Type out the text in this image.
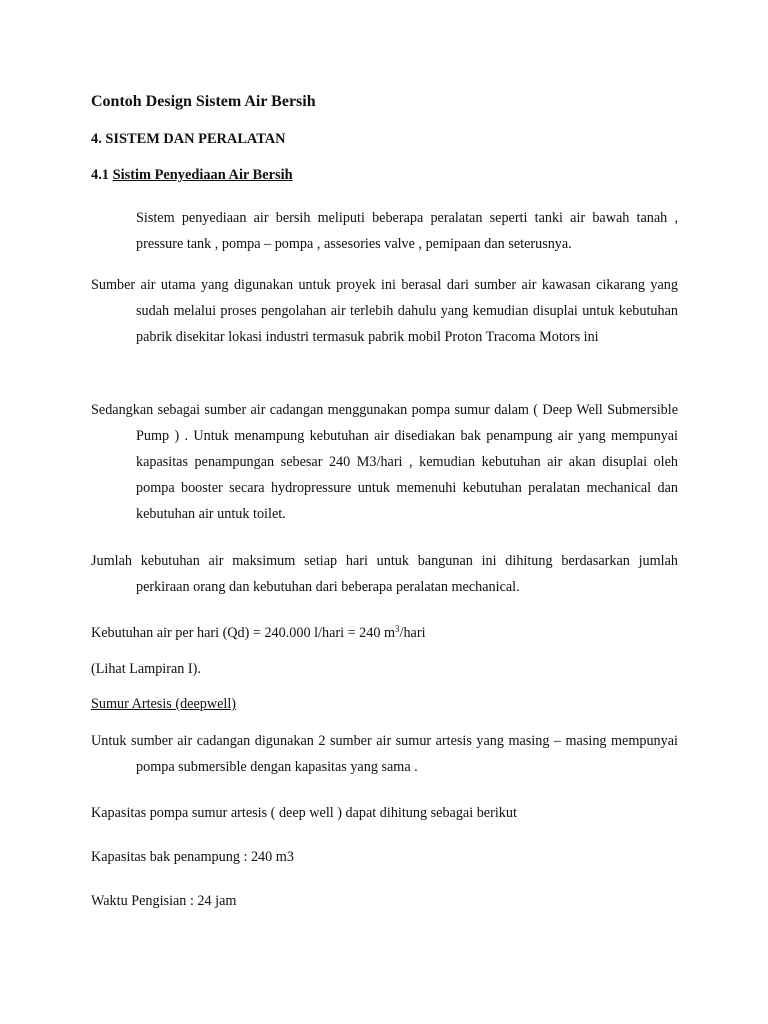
Contoh Design Sistem Air Bersih
4. SISTEM DAN PERALATAN
4.1 Sistim Penyediaan Air Bersih
Sistem penyediaan air bersih meliputi beberapa peralatan seperti tanki air bawah tanah , pressure tank , pompa – pompa , assesories valve , pemipaan dan seterusnya.
Sumber air utama yang digunakan untuk proyek ini berasal dari sumber air kawasan cikarang yang sudah melalui proses pengolahan air terlebih dahulu yang kemudian disuplai untuk kebutuhan pabrik disekitar lokasi industri termasuk pabrik mobil Proton Tracoma Motors ini
Sedangkan sebagai sumber air cadangan menggunakan pompa sumur dalam ( Deep Well Submersible Pump ) . Untuk menampung kebutuhan air disediakan bak penampung air yang mempunyai kapasitas penampungan sebesar 240 M3/hari , kemudian kebutuhan air akan disuplai oleh pompa booster secara hydropressure untuk memenuhi kebutuhan peralatan mechanical dan kebutuhan air untuk toilet.
Jumlah kebutuhan air maksimum setiap hari untuk bangunan ini dihitung berdasarkan jumlah perkiraan orang dan kebutuhan dari beberapa peralatan mechanical.
Kebutuhan air per hari (Qd) = 240.000 l/hari = 240 $m^3$/hari
(Lihat Lampiran I).
Sumur Artesis (deepwell)
Untuk sumber air cadangan digunakan 2 sumber air sumur artesis yang masing – masing mempunyai pompa submersible dengan kapasitas yang sama .
Kapasitas pompa sumur artesis ( deep well ) dapat dihitung sebagai berikut
Kapasitas bak penampung : 240 m3
Waktu Pengisian : 24 jam
